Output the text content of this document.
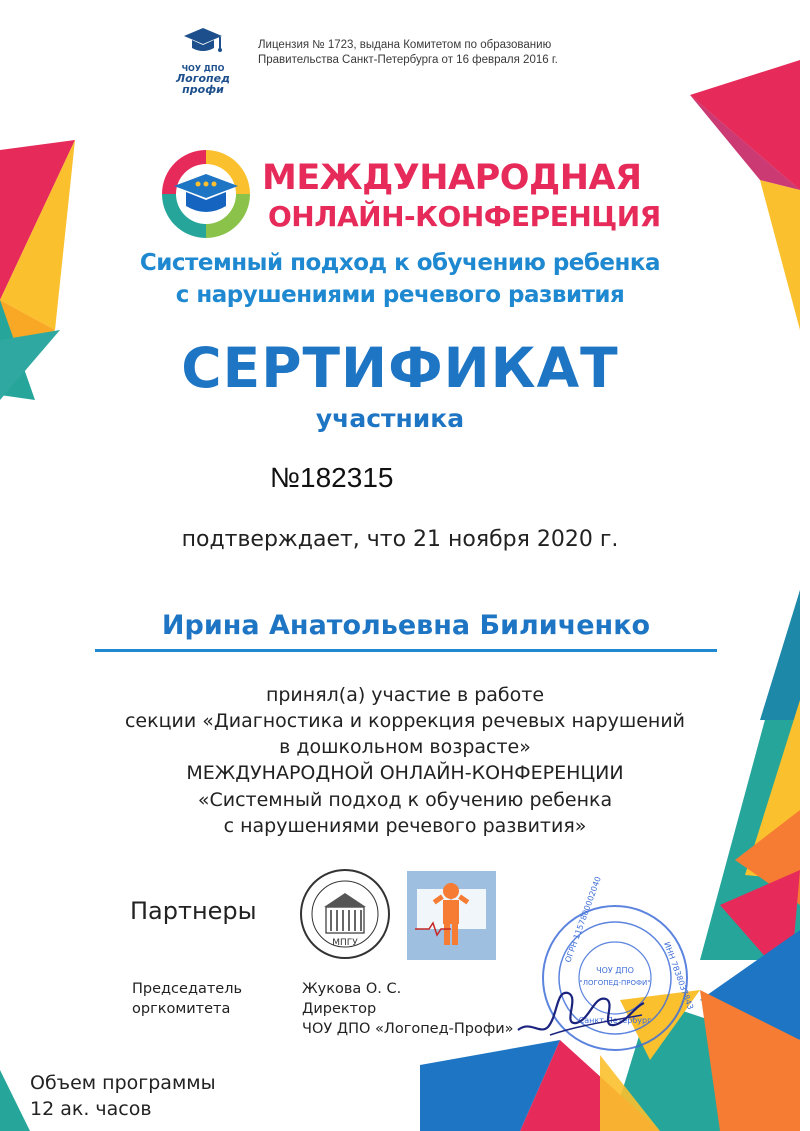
ЧОУ ДПО
Логопед
профи
Лицензия № 1723, выдана Комитетом по образованию
Правительства Санкт-Петербурга от 16 февраля 2016 г.
МЕЖДУНАРОДНАЯ
ОНЛАЙН-КОНФЕРЕНЦИЯ
Системный подход к обучению ребенка
с нарушениями речевого развития
СЕРТИФИКАТ
участника
№182315
подтверждает, что 21 ноября 2020 г.
Ирина Анатольевна Биличенко
принял(а) участие в работе
секции «Диагностика и коррекция речевых нарушений
в дошкольном возрасте»
МЕЖДУНАРОДНОЙ ОНЛАЙН-КОНФЕРЕНЦИИ
«Системный подход к обучению ребенка
с нарушениями речевого развития»
Партнеры
МПГУ
Председатель
оргкомитета
Жукова О. С.
Директор
ЧОУ ДПО «Логопед-Профи»
ОГРН 1157800002040
ИНН 7838037843
ЧОУ ДПО
"ЛОГОПЕД-ПРОФИ"
Санкт-Петербург
Объем программы
12 ак. часов
